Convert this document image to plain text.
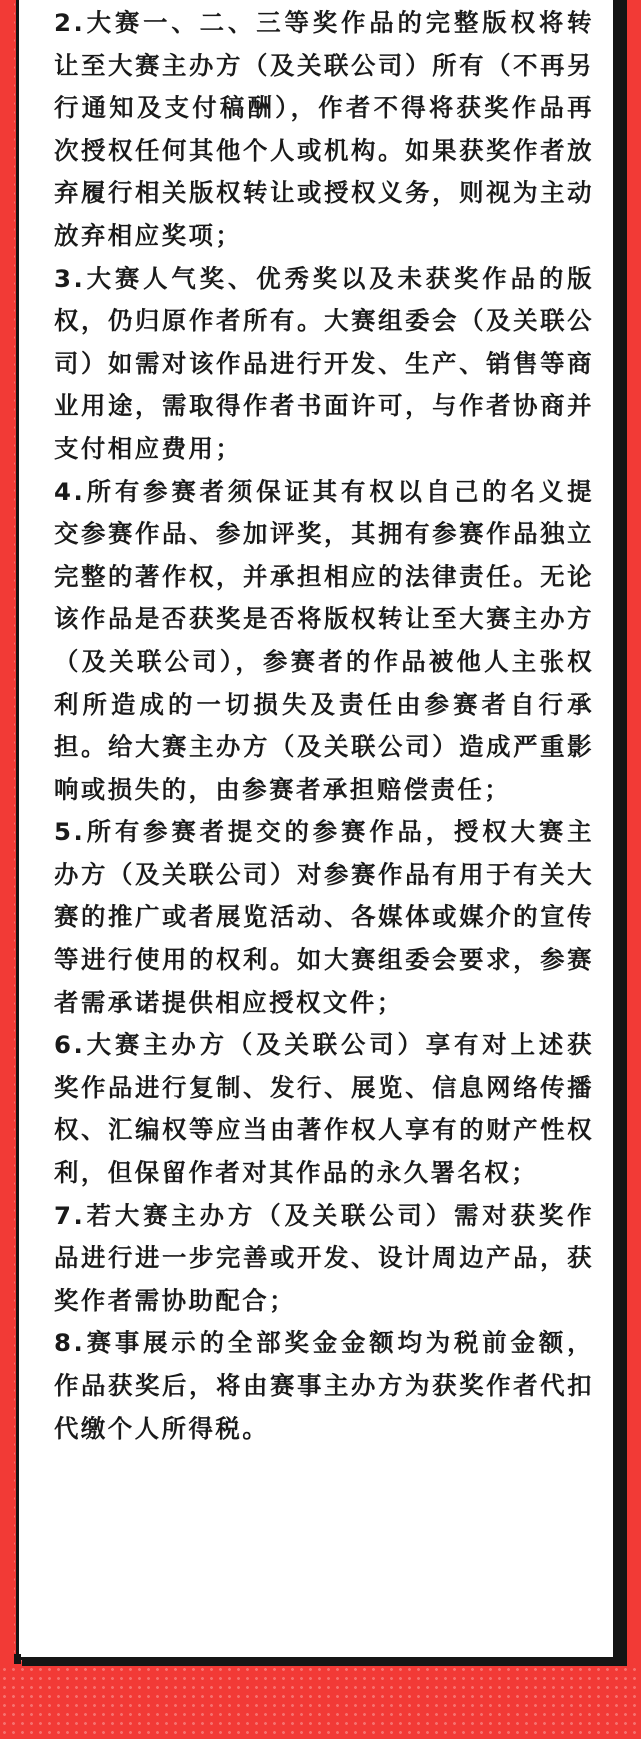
2.大赛一、二、三等奖作品的完整版权将转让至大赛主办方（及关联公司）所有（不再另行通知及支付稿酬），作者不得将获奖作品再次授权任何其他个人或机构。如果获奖作者放弃履行相关版权转让或授权义务，则视为主动放弃相应奖项；

3.大赛人气奖、优秀奖以及未获奖作品的版权，仍归原作者所有。大赛组委会（及关联公司）如需对该作品进行开发、生产、销售等商业用途，需取得作者书面许可，与作者协商并支付相应费用；

4.所有参赛者须保证其有权以自己的名义提交参赛作品、参加评奖，其拥有参赛作品独立完整的著作权，并承担相应的法律责任。无论该作品是否获奖是否将版权转让至大赛主办方（及关联公司），参赛者的作品被他人主张权利所造成的一切损失及责任由参赛者自行承担。给大赛主办方（及关联公司）造成严重影响或损失的，由参赛者承担赔偿责任；

5.所有参赛者提交的参赛作品，授权大赛主办方（及关联公司）对参赛作品有用于有关大赛的推广或者展览活动、各媒体或媒介的宣传等进行使用的权利。如大赛组委会要求，参赛者需承诺提供相应授权文件；

6.大赛主办方（及关联公司）享有对上述获奖作品进行复制、发行、展览、信息网络传播权、汇编权等应当由著作权人享有的财产性权利，但保留作者对其作品的永久署名权；

7.若大赛主办方（及关联公司）需对获奖作品进行进一步完善或开发、设计周边产品，获奖作者需协助配合；

8.赛事展示的全部奖金金额均为税前金额，作品获奖后，将由赛事主办方为获奖作者代扣代缴个人所得税。
